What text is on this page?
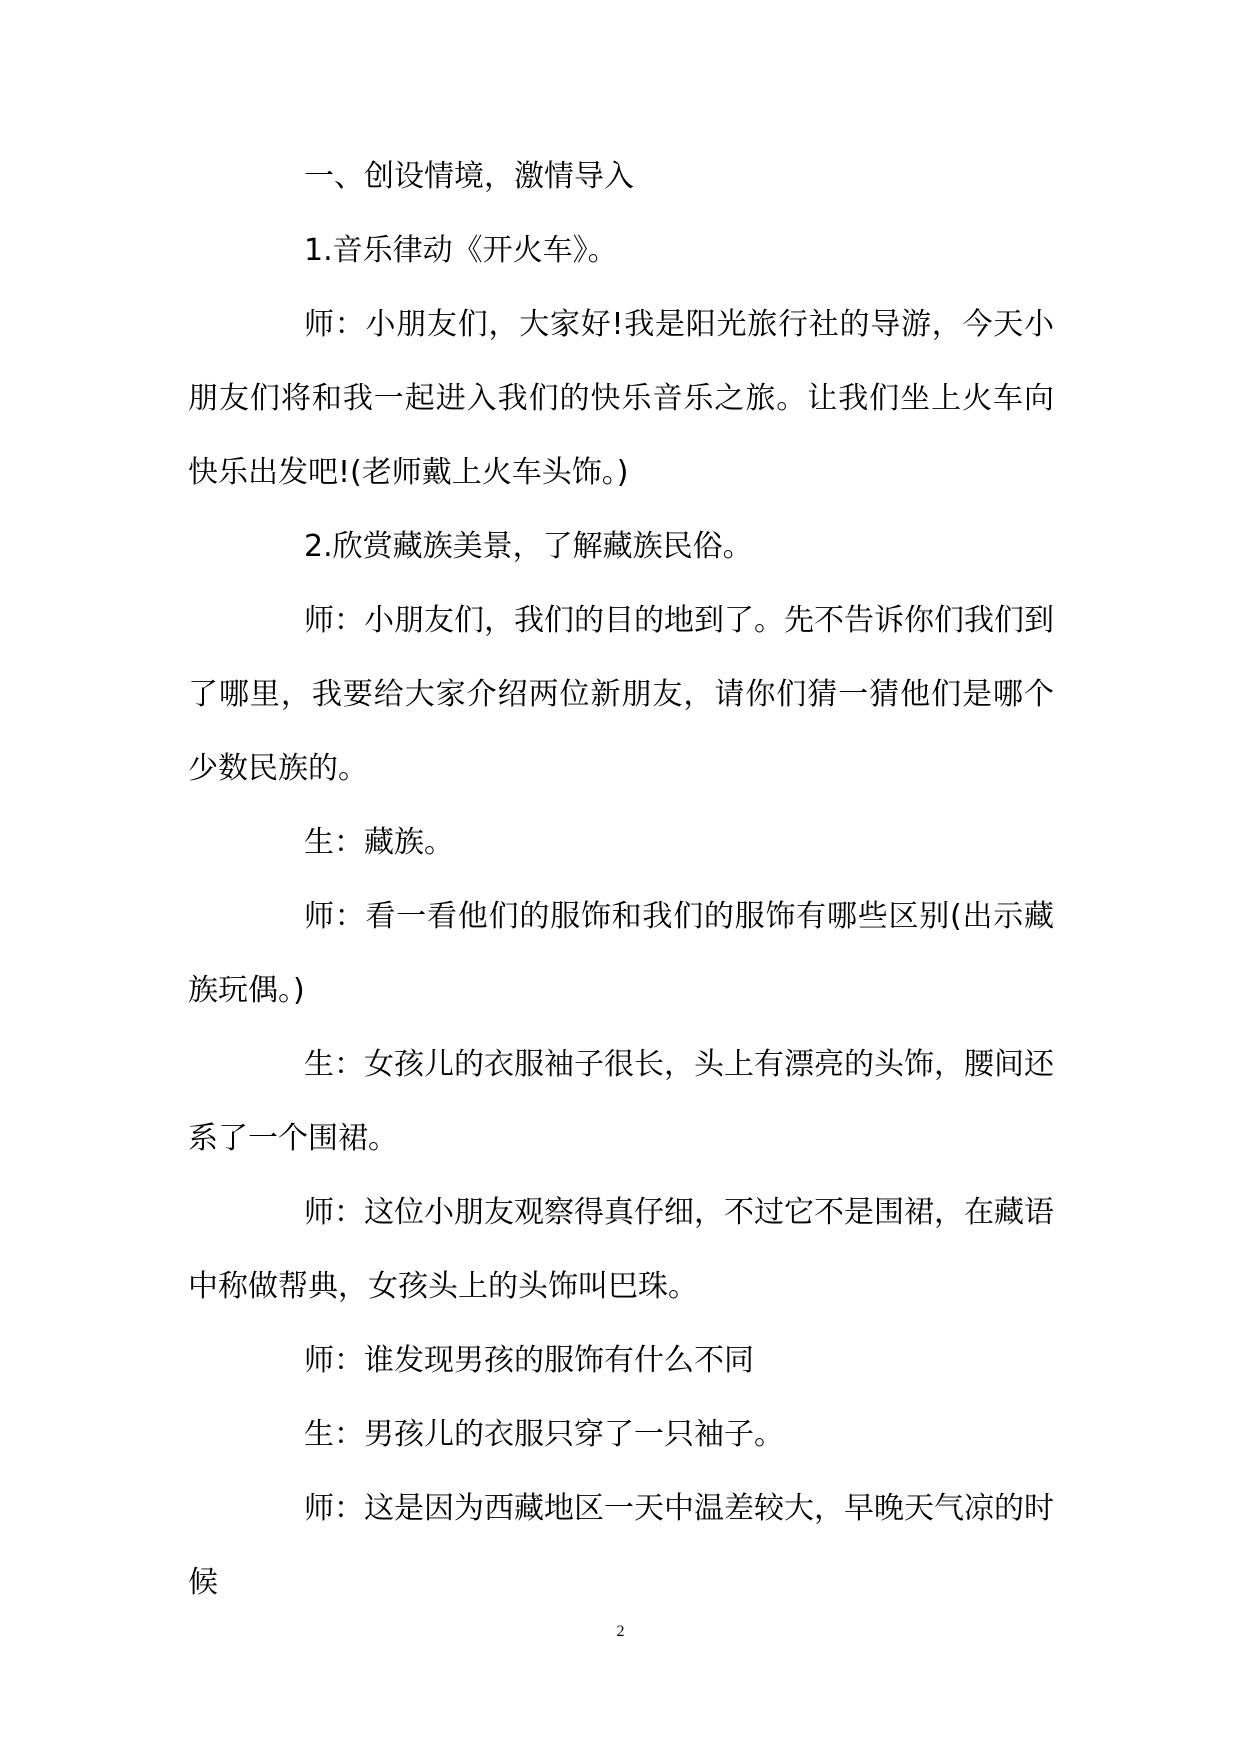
一、创设情境，激情导入

1.音乐律动《开火车》。

师：小朋友们，大家好!我是阳光旅行社的导游，今天小朋友们将和我一起进入我们的快乐音乐之旅。让我们坐上火车向快乐出发吧!(老师戴上火车头饰。)

2.欣赏藏族美景，了解藏族民俗。

师：小朋友们，我们的目的地到了。先不告诉你们我们到了哪里，我要给大家介绍两位新朋友，请你们猜一猜他们是哪个少数民族的。

生：藏族。

师：看一看他们的服饰和我们的服饰有哪些区别(出示藏族玩偶。)

生：女孩儿的衣服袖子很长，头上有漂亮的头饰，腰间还系了一个围裙。

师：这位小朋友观察得真仔细，不过它不是围裙，在藏语中称做帮典，女孩头上的头饰叫巴珠。

师：谁发现男孩的服饰有什么不同

生：男孩儿的衣服只穿了一只袖子。

师：这是因为西藏地区一天中温差较大，早晚天气凉的时候

2
